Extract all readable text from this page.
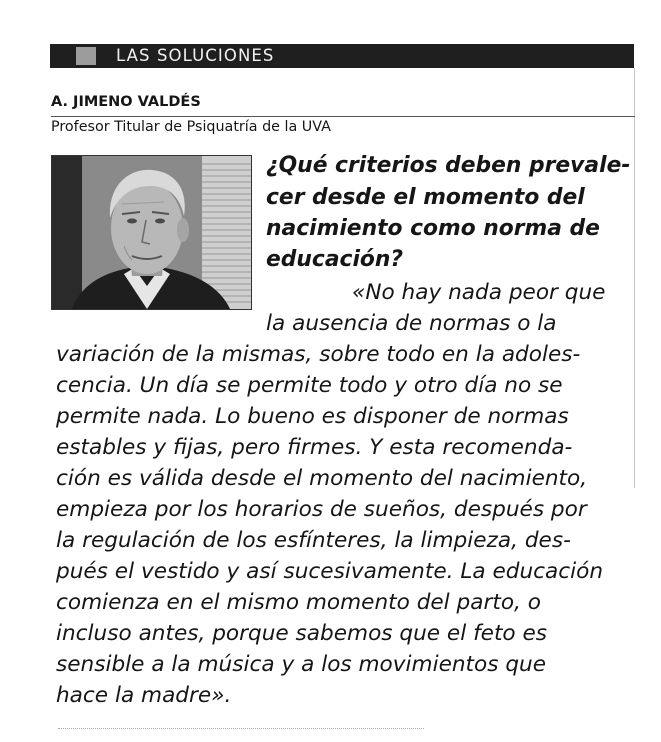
LAS SOLUCIONES
A. JIMENO VALDÉS
Profesor Titular de Psiquatría de la UVA
¿Qué criterios deben prevale-
cer desde el momento del
nacimiento como norma de
educación?
«No hay nada peor que
la ausencia de normas o la
variación de la mismas, sobre todo en la adoles-
cencia. Un día se permite todo y otro día no se
permite nada. Lo bueno es disponer de normas
estables y fijas, pero firmes. Y esta recomenda-
ción es válida desde el momento del nacimiento,
empieza por los horarios de sueños, después por
la regulación de los esfínteres, la limpieza, des-
pués el vestido y así sucesivamente. La educación
comienza en el mismo momento del parto, o
incluso antes, porque sabemos que el feto es
sensible a la música y a los movimientos que
hace la madre».
